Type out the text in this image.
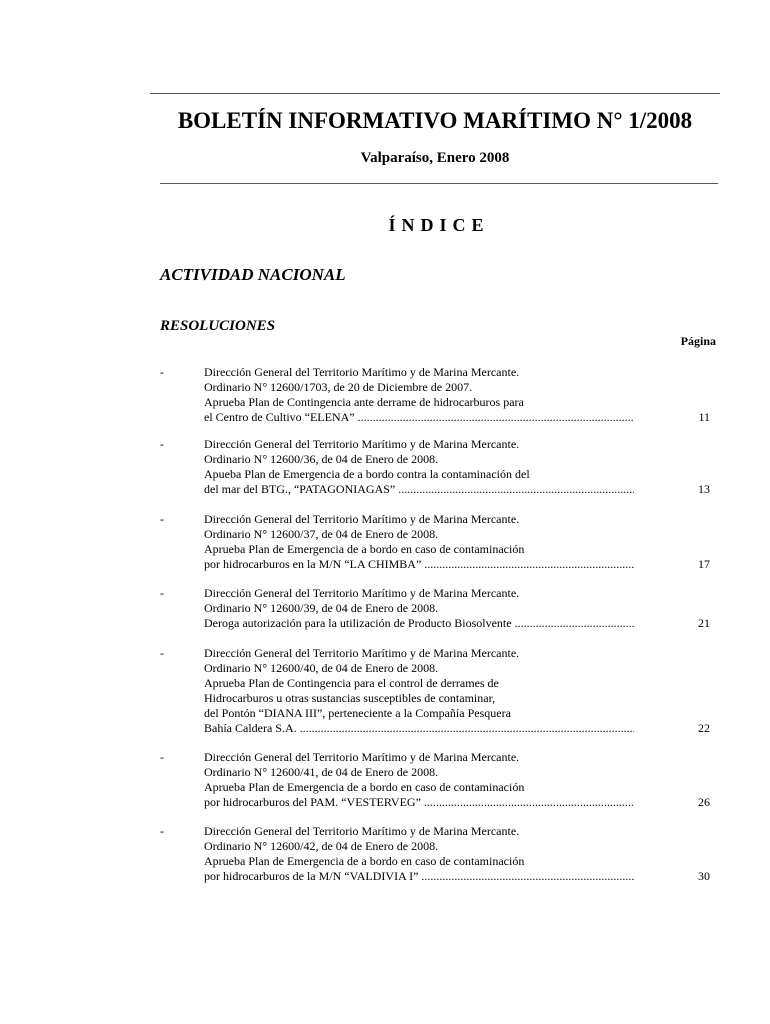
BOLETÍN INFORMATIVO MARÍTIMO N° 1/2008
Valparaíso, Enero 2008
ÍNDICE
ACTIVIDAD NACIONAL
RESOLUCIONES
Página
-	Dirección General del Territorio Marítimo y de Marina Mercante.
Ordinario N° 12600/1703, de 20 de Diciembre de 2007.
Aprueba Plan de Contingencia ante derrame de hidrocarburos para
el Centro de Cultivo “ELENA” .....	11
-	Dirección General del Territorio Marítimo y de Marina Mercante.
Ordinario N° 12600/36, de 04 de Enero de 2008.
Apueba Plan de Emergencia de a bordo contra la contaminación del
del mar del BTG., “PATAGONIAGAS” .....	13
-	Dirección General del Territorio Marítimo y de Marina Mercante.
Ordinario N° 12600/37, de 04 de Enero de 2008.
Aprueba Plan de Emergencia de a bordo en caso de contaminación
por hidrocarburos en la M/N “LA CHIMBA” .....	17
-	Dirección General del Territorio Marítimo y de Marina Mercante.
Ordinario N° 12600/39, de 04 de Enero de 2008.
Deroga autorización para la utilización de Producto Biosolvente .....	21
-	Dirección General del Territorio Marítimo y de Marina Mercante.
Ordinario N° 12600/40, de 04 de Enero de 2008.
Aprueba Plan de Contingencia para el control de derrames de
Hidrocarburos u otras sustancias susceptibles de contaminar,
del Pontón “DIANA III”, perteneciente a la Compañía Pesquera
Bahía Caldera S.A. .....	22
-	Dirección General del Territorio Marítimo y de Marina Mercante.
Ordinario N° 12600/41, de 04 de Enero de 2008.
Aprueba Plan de Emergencia de a bordo en caso de contaminación
por hidrocarburos del PAM. “VESTERVEG” .....	26
-	Dirección General del Territorio Marítimo y de Marina Mercante.
Ordinario N° 12600/42, de 04 de Enero de 2008.
Aprueba Plan de Emergencia de a bordo en caso de contaminación
por hidrocarburos de la M/N “VALDIVIA I” .....	30
